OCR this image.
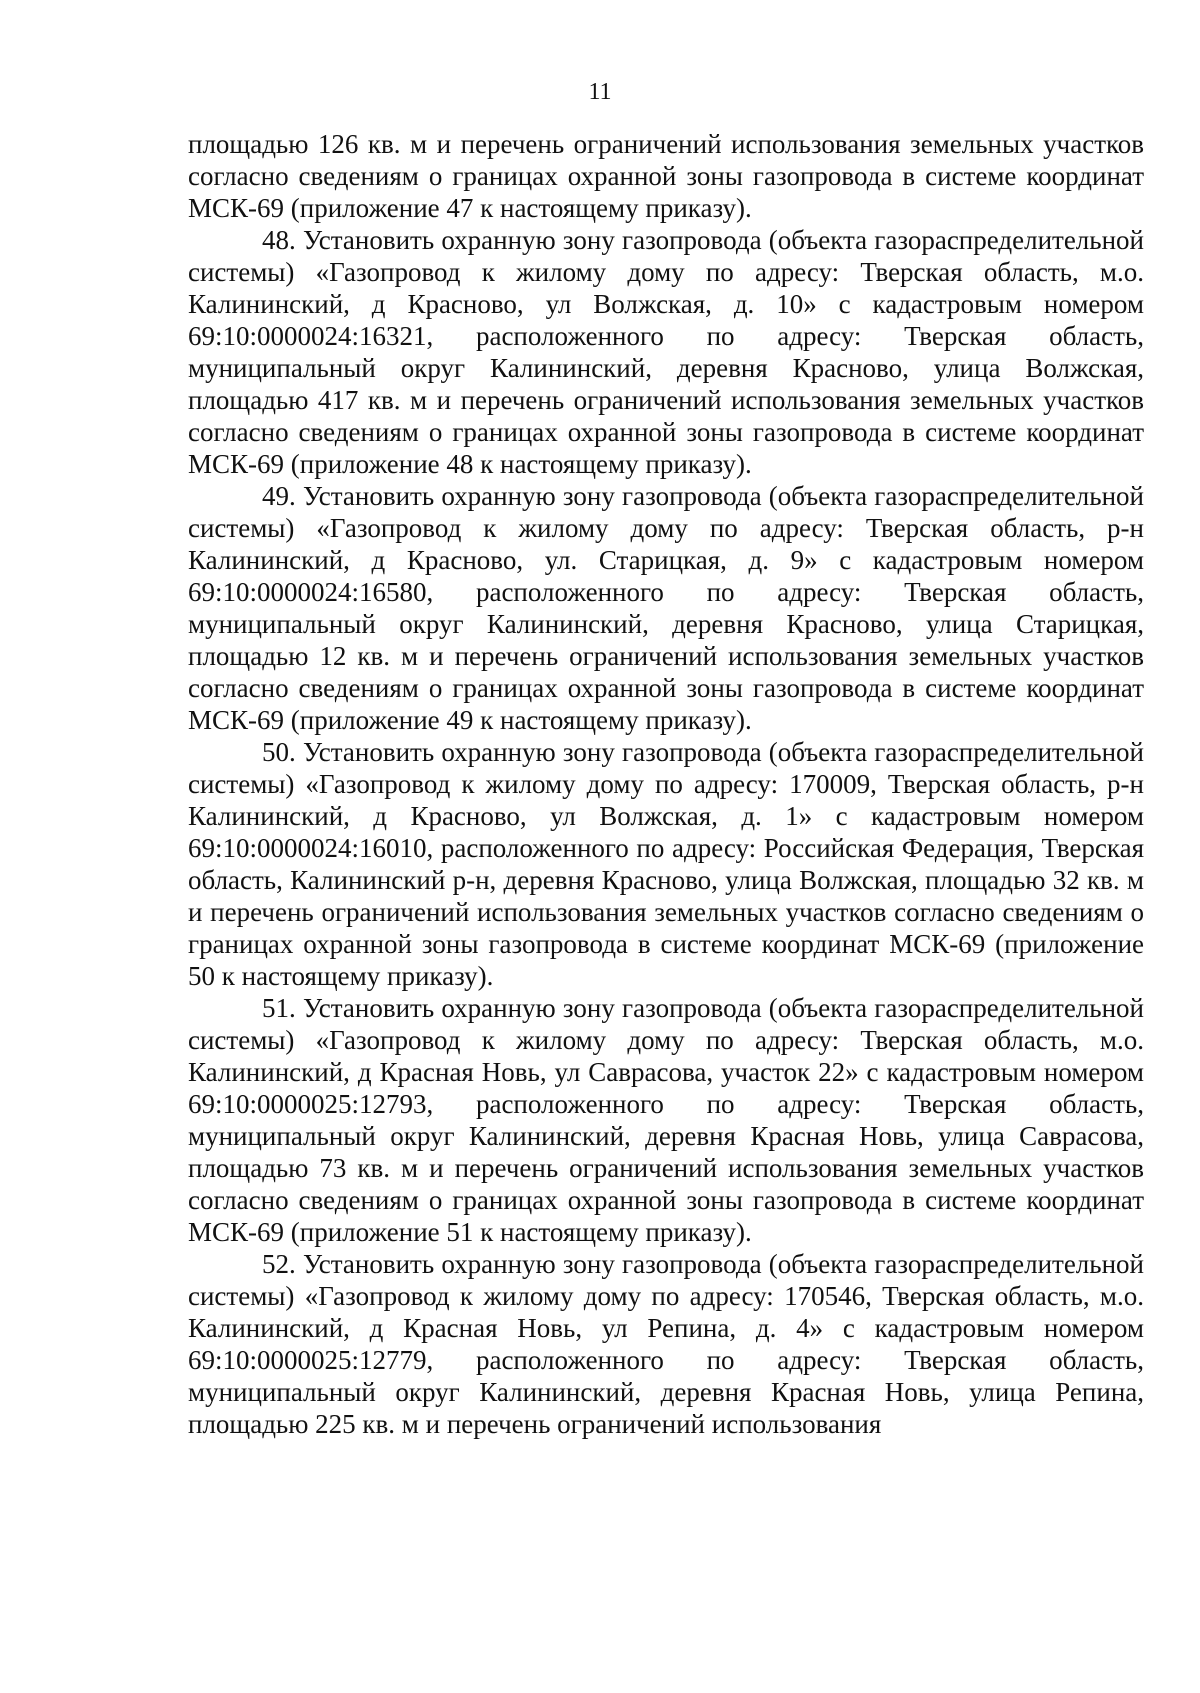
11

площадью 126 кв. м и перечень ограничений использования земельных участков согласно сведениям о границах охранной зоны газопровода в системе координат МСК-69 (приложение 47 к настоящему приказу).

48. Установить охранную зону газопровода (объекта газораспределительной системы) «Газопровод к жилому дому по адресу: Тверская область, м.о. Калининский, д Красново, ул Волжская, д. 10» с кадастровым номером 69:10:0000024:16321, расположенного по адресу: Тверская область, муниципальный округ Калининский, деревня Красново, улица Волжская, площадью 417 кв. м и перечень ограничений использования земельных участков согласно сведениям о границах охранной зоны газопровода в системе координат МСК-69 (приложение 48 к настоящему приказу).

49. Установить охранную зону газопровода (объекта газораспределительной системы) «Газопровод к жилому дому по адресу: Тверская область, р-н Калининский, д Красново, ул. Старицкая, д. 9» с кадастровым номером 69:10:0000024:16580, расположенного по адресу: Тверская область, муниципальный округ Калининский, деревня Красново, улица Старицкая, площадью 12 кв. м и перечень ограничений использования земельных участков согласно сведениям о границах охранной зоны газопровода в системе координат МСК-69 (приложение 49 к настоящему приказу).

50. Установить охранную зону газопровода (объекта газораспределительной системы) «Газопровод к жилому дому по адресу: 170009, Тверская область, р-н Калининский, д Красново, ул Волжская, д. 1» с кадастровым номером 69:10:0000024:16010, расположенного по адресу: Российская Федерация, Тверская область, Калининский р-н, деревня Красново, улица Волжская, площадью 32 кв. м и перечень ограничений использования земельных участков согласно сведениям о границах охранной зоны газопровода в системе координат МСК-69 (приложение 50 к настоящему приказу).

51. Установить охранную зону газопровода (объекта газораспределительной системы) «Газопровод к жилому дому по адресу: Тверская область, м.о. Калининский, д Красная Новь, ул Саврасова, участок 22» с кадастровым номером 69:10:0000025:12793, расположенного по адресу: Тверская область, муниципальный округ Калининский, деревня Красная Новь, улица Саврасова, площадью 73 кв. м и перечень ограничений использования земельных участков согласно сведениям о границах охранной зоны газопровода в системе координат МСК-69 (приложение 51 к настоящему приказу).

52. Установить охранную зону газопровода (объекта газораспределительной системы) «Газопровод к жилому дому по адресу: 170546, Тверская область, м.о. Калининский, д Красная Новь, ул Репина, д. 4» с кадастровым номером 69:10:0000025:12779, расположенного по адресу: Тверская область, муниципальный округ Калининский, деревня Красная Новь, улица Репина, площадью 225 кв. м и перечень ограничений использования
